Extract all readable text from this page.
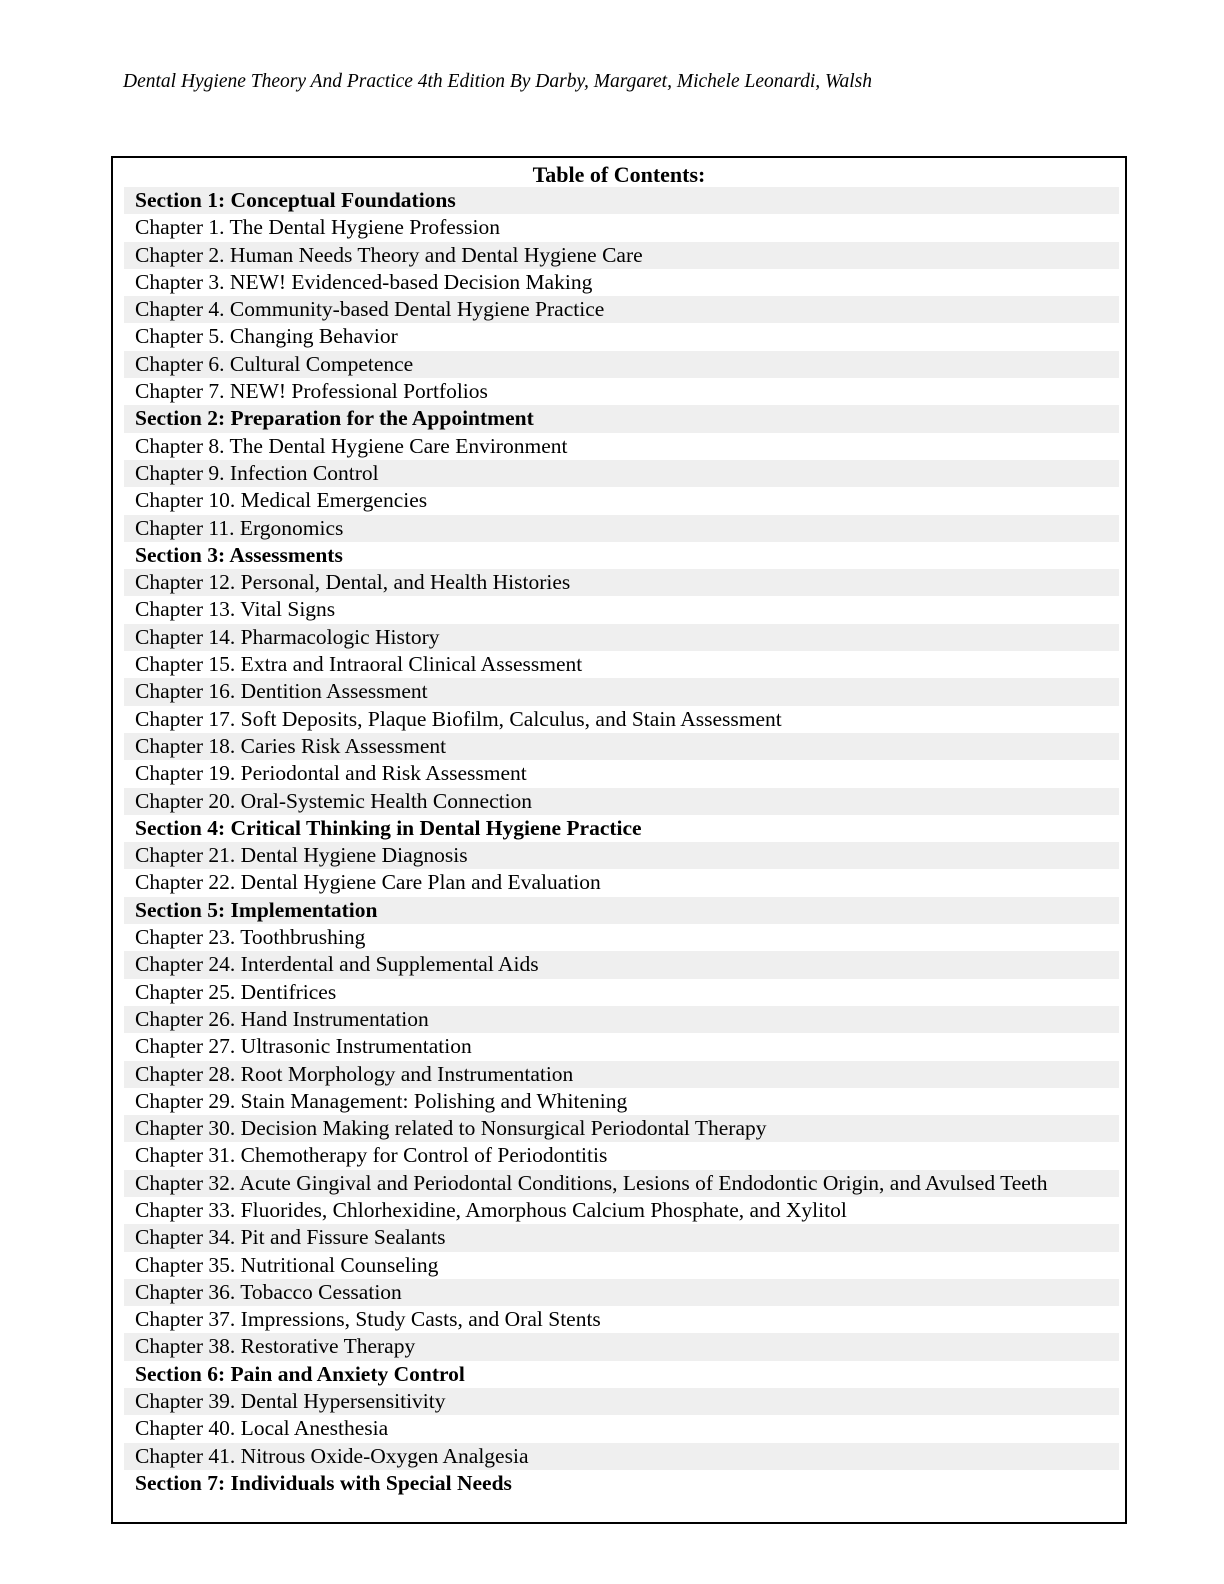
Dental Hygiene Theory And Practice 4th Edition By Darby, Margaret, Michele Leonardi, Walsh
Table of Contents:
Section 1: Conceptual Foundations
Chapter 1. The Dental Hygiene Profession
Chapter 2. Human Needs Theory and Dental Hygiene Care
Chapter 3. NEW! Evidenced-based Decision Making
Chapter 4. Community-based Dental Hygiene Practice
Chapter 5. Changing Behavior
Chapter 6. Cultural Competence
Chapter 7. NEW! Professional Portfolios
Section 2: Preparation for the Appointment
Chapter 8. The Dental Hygiene Care Environment
Chapter 9. Infection Control
Chapter 10. Medical Emergencies
Chapter 11. Ergonomics
Section 3: Assessments
Chapter 12. Personal, Dental, and Health Histories
Chapter 13. Vital Signs
Chapter 14. Pharmacologic History
Chapter 15. Extra and Intraoral Clinical Assessment
Chapter 16. Dentition Assessment
Chapter 17. Soft Deposits, Plaque Biofilm, Calculus, and Stain Assessment
Chapter 18. Caries Risk Assessment
Chapter 19. Periodontal and Risk Assessment
Chapter 20. Oral-Systemic Health Connection
Section 4: Critical Thinking in Dental Hygiene Practice
Chapter 21. Dental Hygiene Diagnosis
Chapter 22. Dental Hygiene Care Plan and Evaluation
Section 5: Implementation
Chapter 23. Toothbrushing
Chapter 24. Interdental and Supplemental Aids
Chapter 25. Dentifrices
Chapter 26. Hand Instrumentation
Chapter 27. Ultrasonic Instrumentation
Chapter 28. Root Morphology and Instrumentation
Chapter 29. Stain Management: Polishing and Whitening
Chapter 30. Decision Making related to Nonsurgical Periodontal Therapy
Chapter 31. Chemotherapy for Control of Periodontitis
Chapter 32. Acute Gingival and Periodontal Conditions, Lesions of Endodontic Origin, and Avulsed Teeth
Chapter 33. Fluorides, Chlorhexidine, Amorphous Calcium Phosphate, and Xylitol
Chapter 34. Pit and Fissure Sealants
Chapter 35. Nutritional Counseling
Chapter 36. Tobacco Cessation
Chapter 37. Impressions, Study Casts, and Oral Stents
Chapter 38. Restorative Therapy
Section 6: Pain and Anxiety Control
Chapter 39. Dental Hypersensitivity
Chapter 40. Local Anesthesia
Chapter 41. Nitrous Oxide-Oxygen Analgesia
Section 7: Individuals with Special Needs
